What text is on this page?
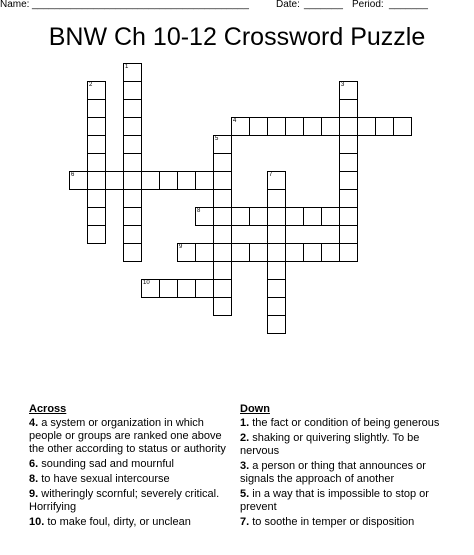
Name: _______________________________________	Date: _______ Period: _______
BNW Ch 10-12 Crossword Puzzle
1
2	3
4
5
6	7
8
9
10
Across
4. a system or organization in which people or groups are ranked one above the other according to status or authority
6. sounding sad and mournful
8. to have sexual intercourse
9. witheringly scornful; severely critical. Horrifying
10. to make foul, dirty, or unclean
Down
1. the fact or condition of being generous
2. shaking or quivering slightly. To be nervous
3. a person or thing that announces or signals the approach of another
5. in a way that is impossible to stop or prevent
7. to soothe in temper or disposition
